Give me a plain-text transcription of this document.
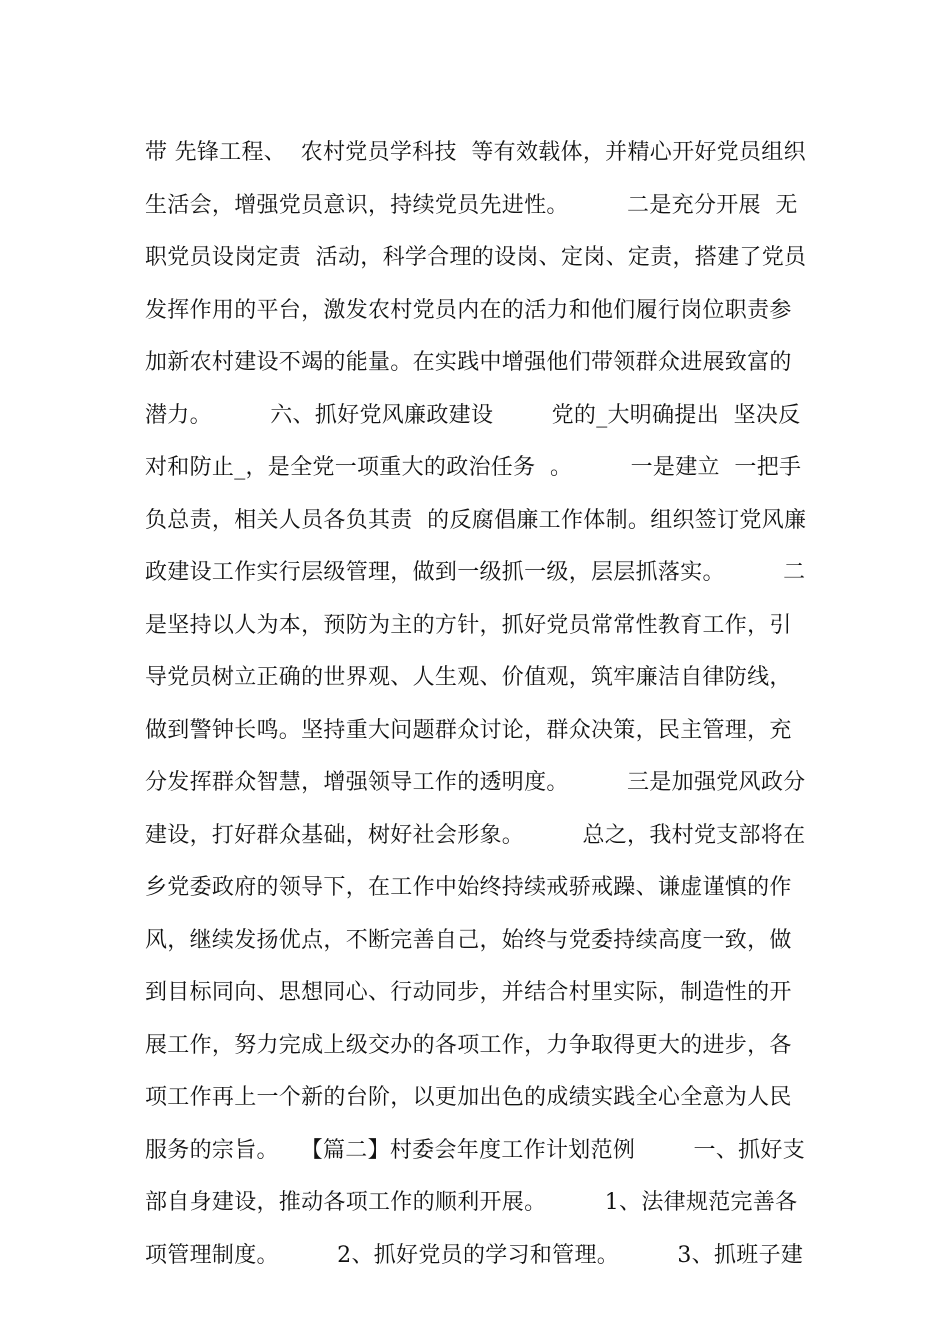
带 先锋工程、  农村党员学科技  等有效载体，并精心开好党员组织
生活会，增强党员意识，持续党员先进性。        二是充分开展  无
职党员设岗定责  活动，科学合理的设岗、定岗、定责，搭建了党员
发挥作用的平台，激发农村党员内在的活力和他们履行岗位职责参
加新农村建设不竭的能量。在实践中增强他们带领群众进展致富的
潜力。        六、抓好党风廉政建设        党的_大明确提出  坚决反
对和防止_，是全党一项重大的政治任务  。        一是建立  一把手
负总责，相关人员各负其责  的反腐倡廉工作体制。组织签订党风廉
政建设工作实行层级管理，做到一级抓一级，层层抓落实。        二
是坚持以人为本，预防为主的方针，抓好党员常常性教育工作，引
导党员树立正确的世界观、人生观、价值观，筑牢廉洁自律防线，
做到警钟长鸣。坚持重大问题群众讨论，群众决策，民主管理，充
分发挥群众智慧，增强领导工作的透明度。        三是加强党风政分
建设，打好群众基础，树好社会形象。        总之，我村党支部将在
乡党委政府的领导下，在工作中始终持续戒骄戒躁、谦虚谨慎的作
风，继续发扬优点，不断完善自己，始终与党委持续高度一致，做
到目标同向、思想同心、行动同步，并结合村里实际，制造性的开
展工作，努力完成上级交办的各项工作，力争取得更大的进步，各
项工作再上一个新的台阶，以更加出色的成绩实践全心全意为人民
服务的宗旨。   【篇二】村委会年度工作计划范例        一、抓好支
部自身建设，推动各项工作的顺利开展。        1、法律规范完善各
项管理制度。        2、抓好党员的学习和管理。        3、抓班子建
